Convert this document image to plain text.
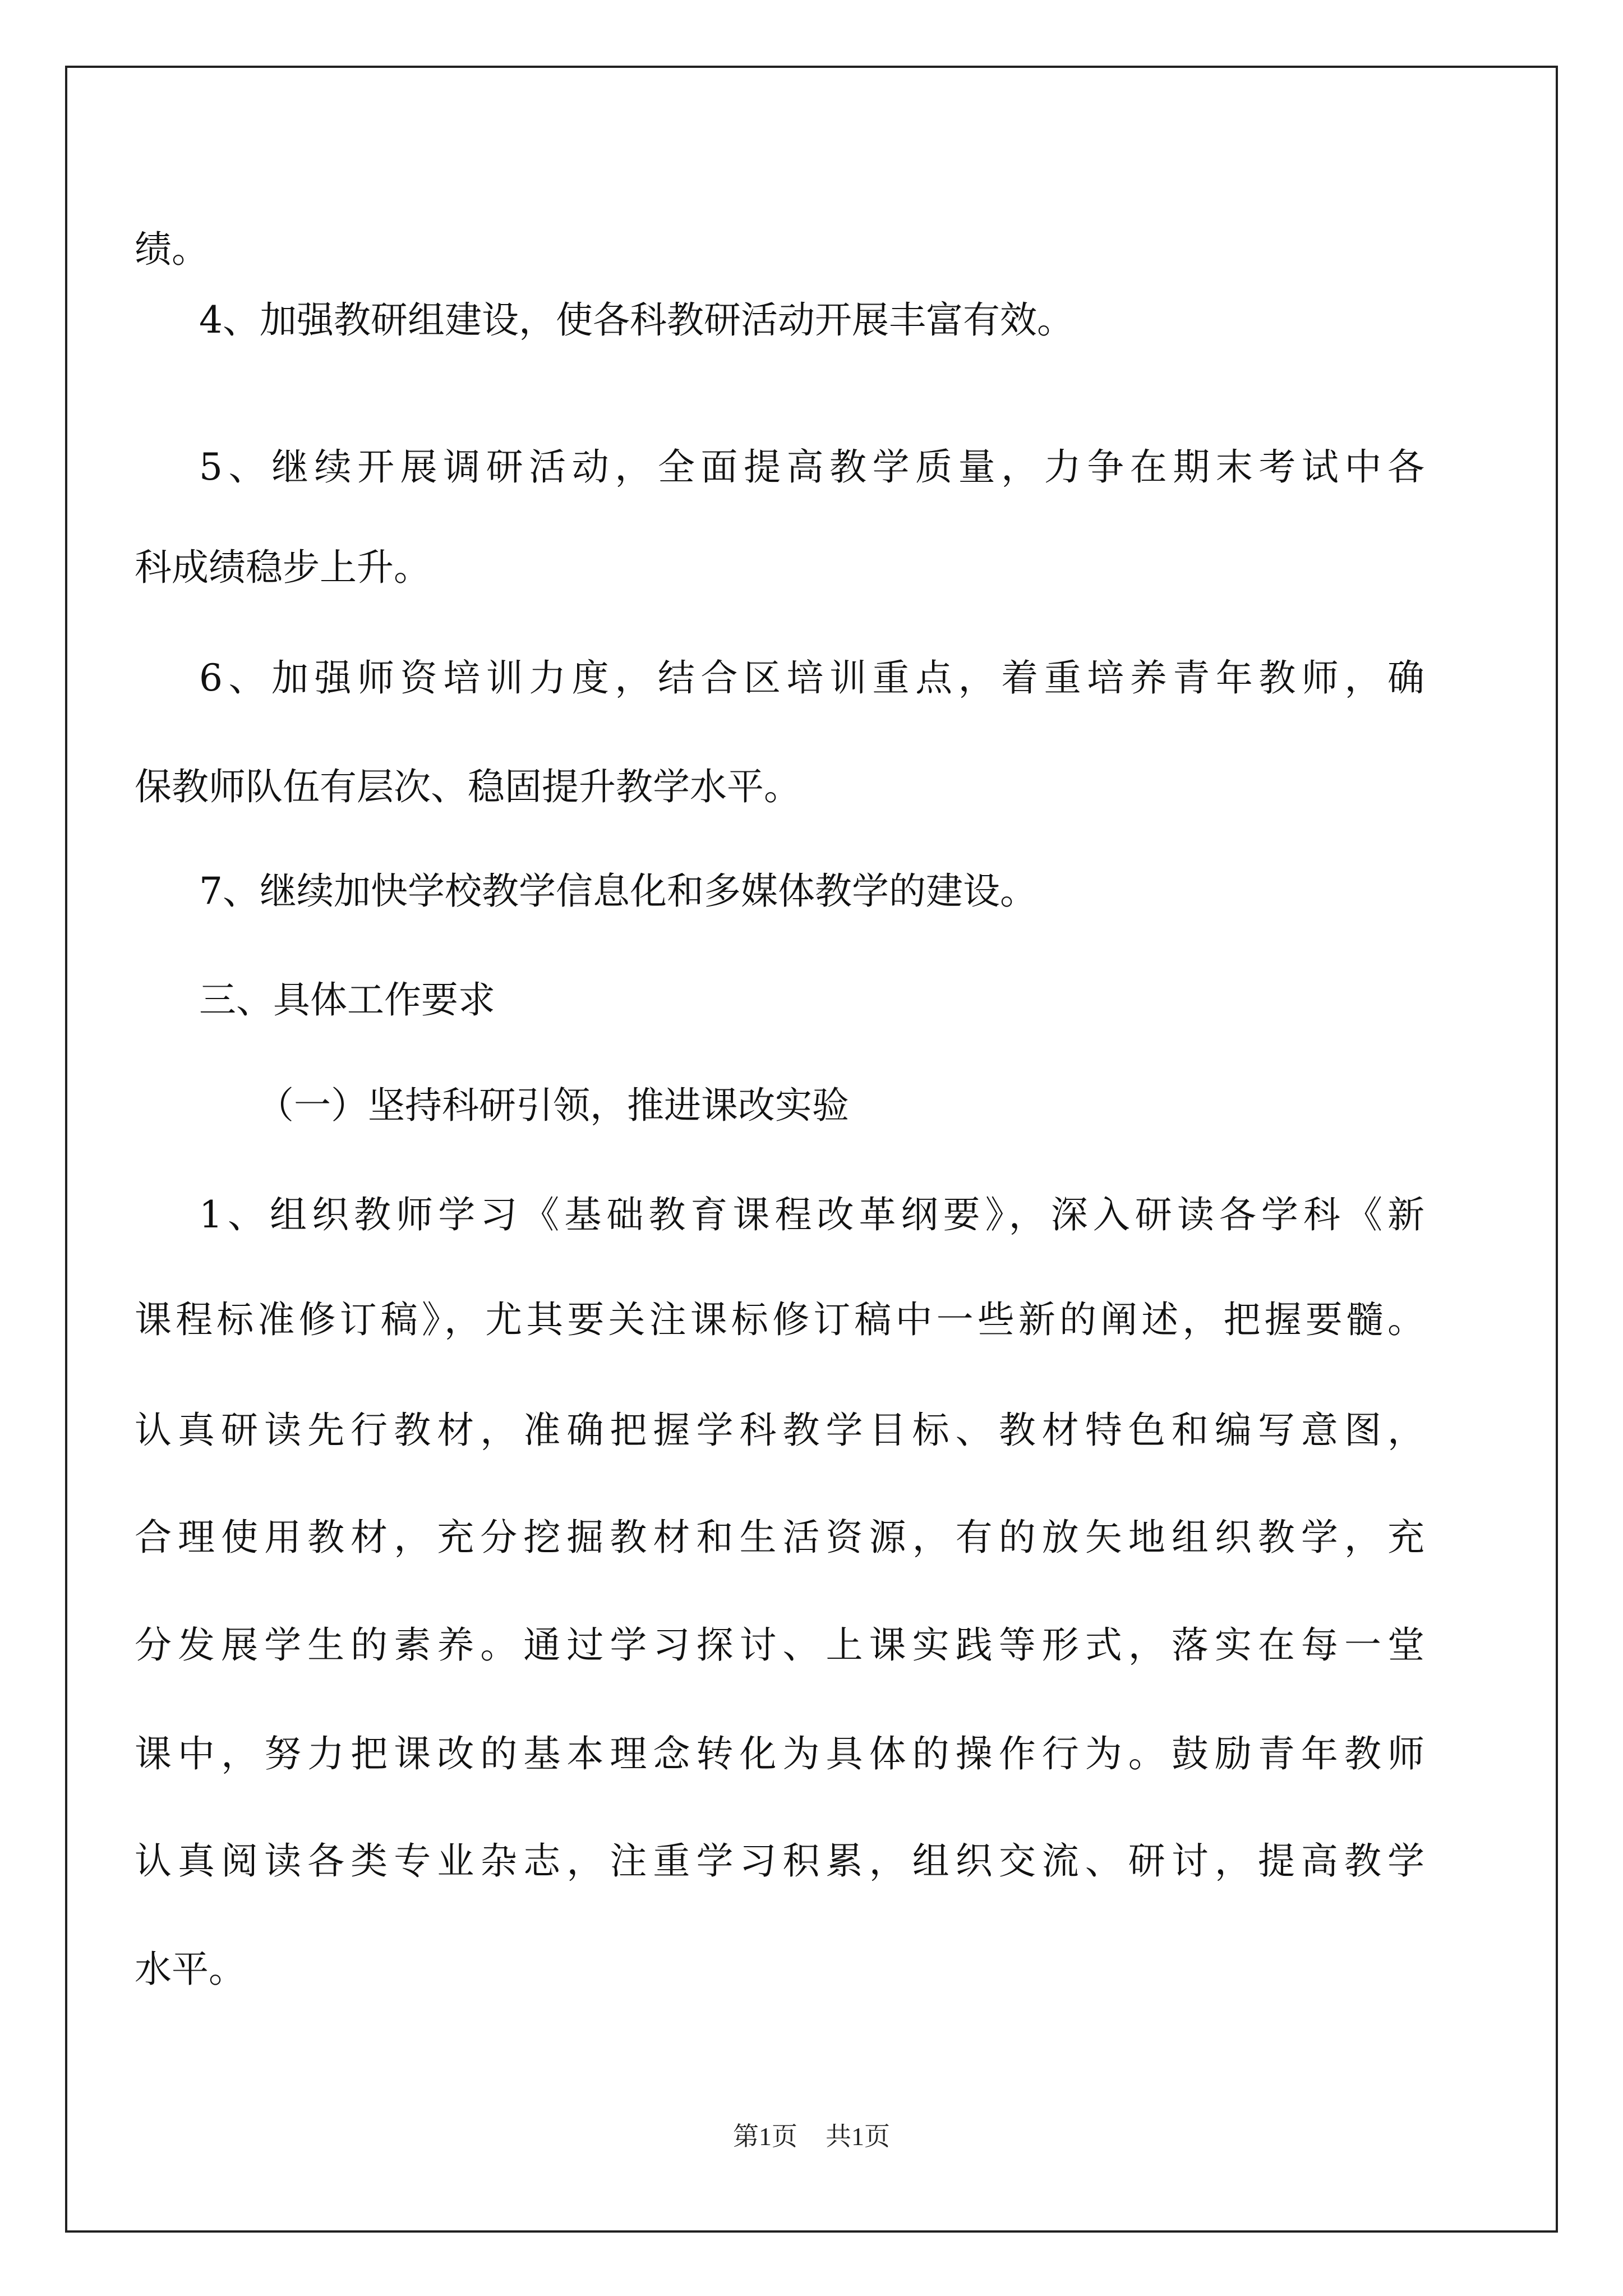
绩。
4、加强教研组建设，使各科教研活动开展丰富有效。
5、继续开展调研活动，全面提高教学质量，力争在期末考试中各
科成绩稳步上升。
6、加强师资培训力度，结合区培训重点，着重培养青年教师，确
保教师队伍有层次、稳固提升教学水平。
7、继续加快学校教学信息化和多媒体教学的建设。
三、具体工作要求
（一）坚持科研引领，推进课改实验
1、组织教师学习《基础教育课程改革纲要》，深入研读各学科《新
课程标准修订稿》，尤其要关注课标修订稿中一些新的阐述，把握要髓。
认真研读先行教材，准确把握学科教学目标、教材特色和编写意图，
合理使用教材，充分挖掘教材和生活资源，有的放矢地组织教学，充
分发展学生的素养。通过学习探讨、上课实践等形式，落实在每一堂
课中，努力把课改的基本理念转化为具体的操作行为。鼓励青年教师
认真阅读各类专业杂志，注重学习积累，组织交流、研讨，提高教学
水平。
第1页 共1页
